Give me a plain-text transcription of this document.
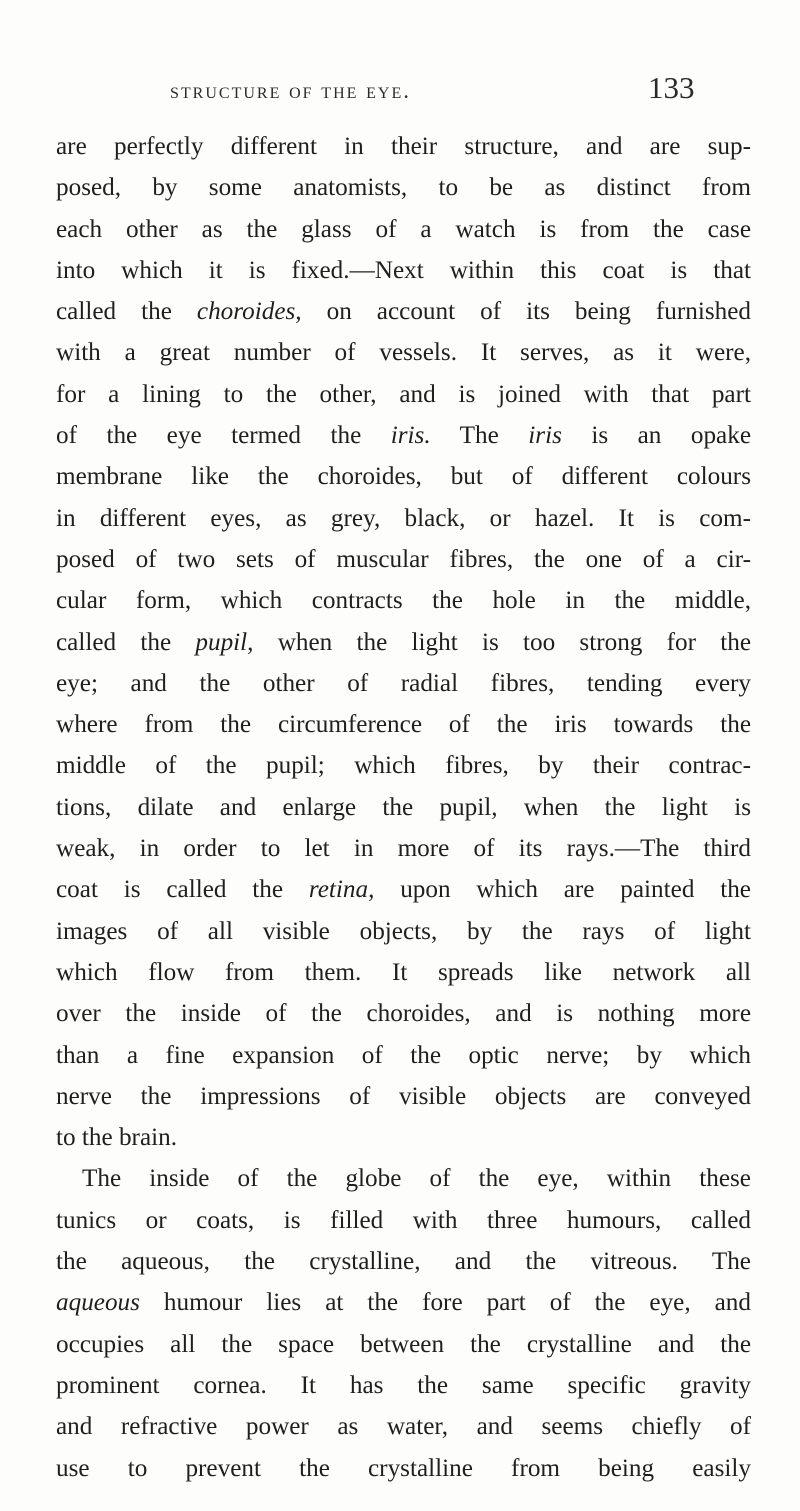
structure of the eye.	133
are perfectly different in their structure, and are sup-
posed, by some anatomists, to be as distinct from
each other as the glass of a watch is from the case
into which it is fixed.—Next within this coat is that
called the choroides, on account of its being furnished
with a great number of vessels. It serves, as it were,
for a lining to the other, and is joined with that part
of the eye termed the iris. The iris is an opake
membrane like the choroides, but of different colours
in different eyes, as grey, black, or hazel. It is com-
posed of two sets of muscular fibres, the one of a cir-
cular form, which contracts the hole in the middle,
called the pupil, when the light is too strong for the
eye; and the other of radial fibres, tending every
where from the circumference of the iris towards the
middle of the pupil; which fibres, by their contrac-
tions, dilate and enlarge the pupil, when the light is
weak, in order to let in more of its rays.—The third
coat is called the retina, upon which are painted the
images of all visible objects, by the rays of light
which flow from them. It spreads like network all
over the inside of the choroides, and is nothing more
than a fine expansion of the optic nerve; by which
nerve the impressions of visible objects are conveyed
to the brain.
The inside of the globe of the eye, within these
tunics or coats, is filled with three humours, called
the aqueous, the crystalline, and the vitreous. The
aqueous humour lies at the fore part of the eye, and
occupies all the space between the crystalline and the
prominent cornea. It has the same specific gravity
and refractive power as water, and seems chiefly of
use to prevent the crystalline from being easily
